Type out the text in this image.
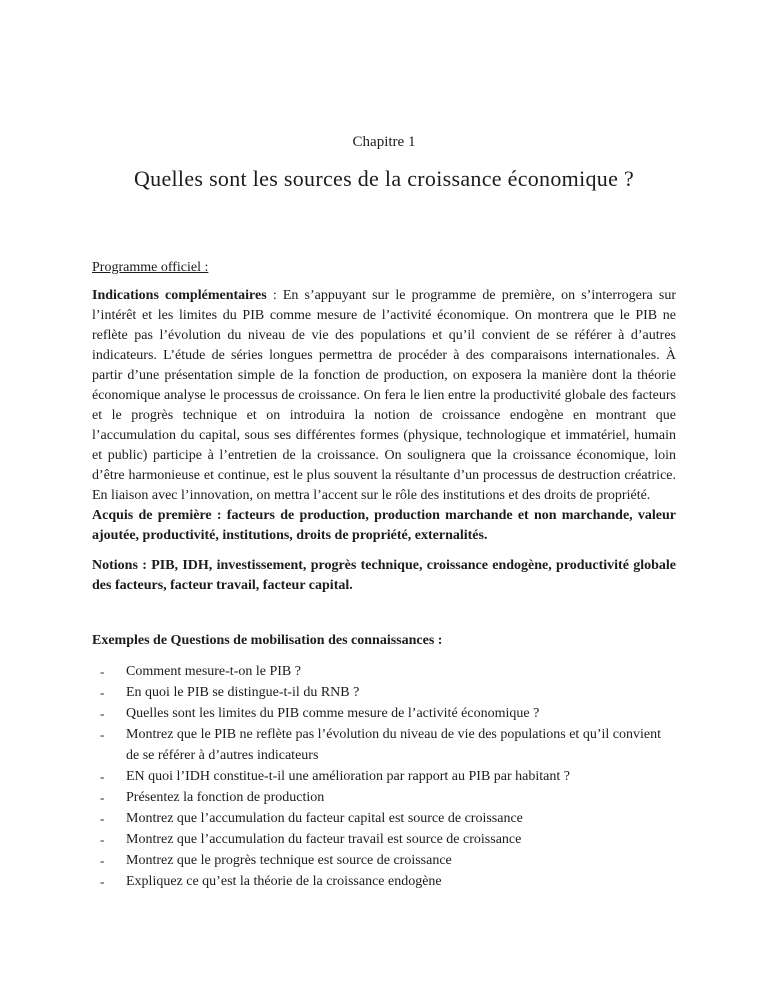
Chapitre 1
Quelles sont les sources de la croissance économique ?
Programme officiel :

Indications complémentaires : En s’appuyant sur le programme de première, on s’interrogera sur l’intérêt et les limites du PIB comme mesure de l’activité économique. On montrera que le PIB ne reflète pas l’évolution du niveau de vie des populations et qu’il convient de se référer à d’autres indicateurs. L’étude de séries longues permettra de procéder à des comparaisons internationales. À partir d’une présentation simple de la fonction de production, on exposera la manière dont la théorie économique analyse le processus de croissance. On fera le lien entre la productivité globale des facteurs et le progrès technique et on introduira la notion de croissance endogène en montrant que l’accumulation du capital, sous ses différentes formes (physique, technologique et immatériel, humain et public) participe à l’entretien de la croissance. On soulignera que la croissance économique, loin d’être harmonieuse et continue, est le plus souvent la résultante d’un processus de destruction créatrice. En liaison avec l’innovation, on mettra l’accent sur le rôle des institutions et des droits de propriété.

Acquis de première : facteurs de production, production marchande et non marchande, valeur ajoutée, productivité, institutions, droits de propriété, externalités.

Notions : PIB, IDH, investissement, progrès technique, croissance endogène, productivité globale des facteurs, facteur travail, facteur capital.

Exemples de Questions de mobilisation des connaissances :
- Comment mesure-t-on le PIB ?
- En quoi le PIB se distingue-t-il du RNB ?
- Quelles sont les limites du PIB comme mesure de l’activité économique ?
- Montrez que le PIB ne reflète pas l’évolution du niveau de vie des populations et qu’il convient de se référer à d’autres indicateurs
- EN quoi l’IDH constitue-t-il une amélioration par rapport au PIB par habitant ?
- Présentez la fonction de production
- Montrez que l’accumulation du facteur capital est source de croissance
- Montrez que l’accumulation du facteur travail est source de croissance
- Montrez que le progrès technique est source de croissance
- Expliquez ce qu’est la théorie de la croissance endogène
